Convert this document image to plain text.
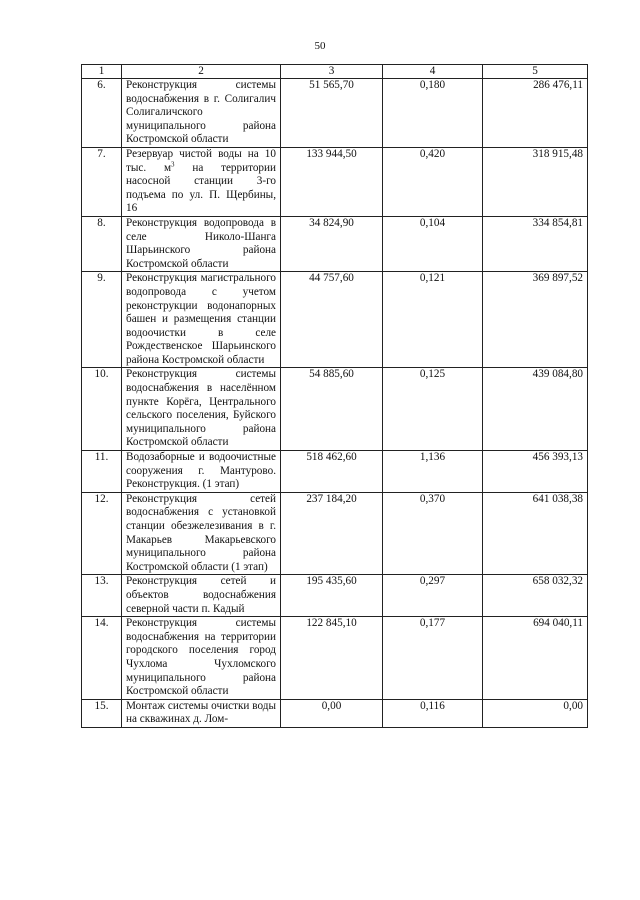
50
1	2	3	4	5
6.	Реконструкция системы водоснабжения в г. Солигалич Солигаличского муниципального района Костромской области	51 565,70	0,180	286 476,11
7.	Резервуар чистой воды на 10 тыс. $м^3$ на территории насосной станции 3-го подъема по ул. П. Щербины, 16	133 944,50	0,420	318 915,48
8.	Реконструкция водопровода в селе Николо-Шанга Шарьинского района Костромской области	34 824,90	0,104	334 854,81
9.	Реконструкция магистрального водопровода с учетом реконструкции водонапорных башен и размещения станции водоочистки в селе Рождественское Шарьинского района Костромской области	44 757,60	0,121	369 897,52
10.	Реконструкция системы водоснабжения в населённом пункте Корёга, Центрального сельского поселения, Буйского муниципального района Костромской области	54 885,60	0,125	439 084,80
11.	Водозаборные и водоочистные сооружения г. Мантурово. Реконструкция. (1 этап)	518 462,60	1,136	456 393,13
12.	Реконструкция сетей водоснабжения с установкой станции обезжелезивания в г. Макарьев Макарьевского муниципального района Костромской области (1 этап)	237 184,20	0,370	641 038,38
13.	Реконструкция сетей и объектов водоснабжения северной части п. Кадый	195 435,60	0,297	658 032,32
14.	Реконструкция системы водоснабжения на территории городского поселения город Чухлома Чухломского муниципального района Костромской области	122 845,10	0,177	694 040,11
15.	Монтаж системы очистки воды на скважинах д. Лом-	0,00	0,116	0,00
